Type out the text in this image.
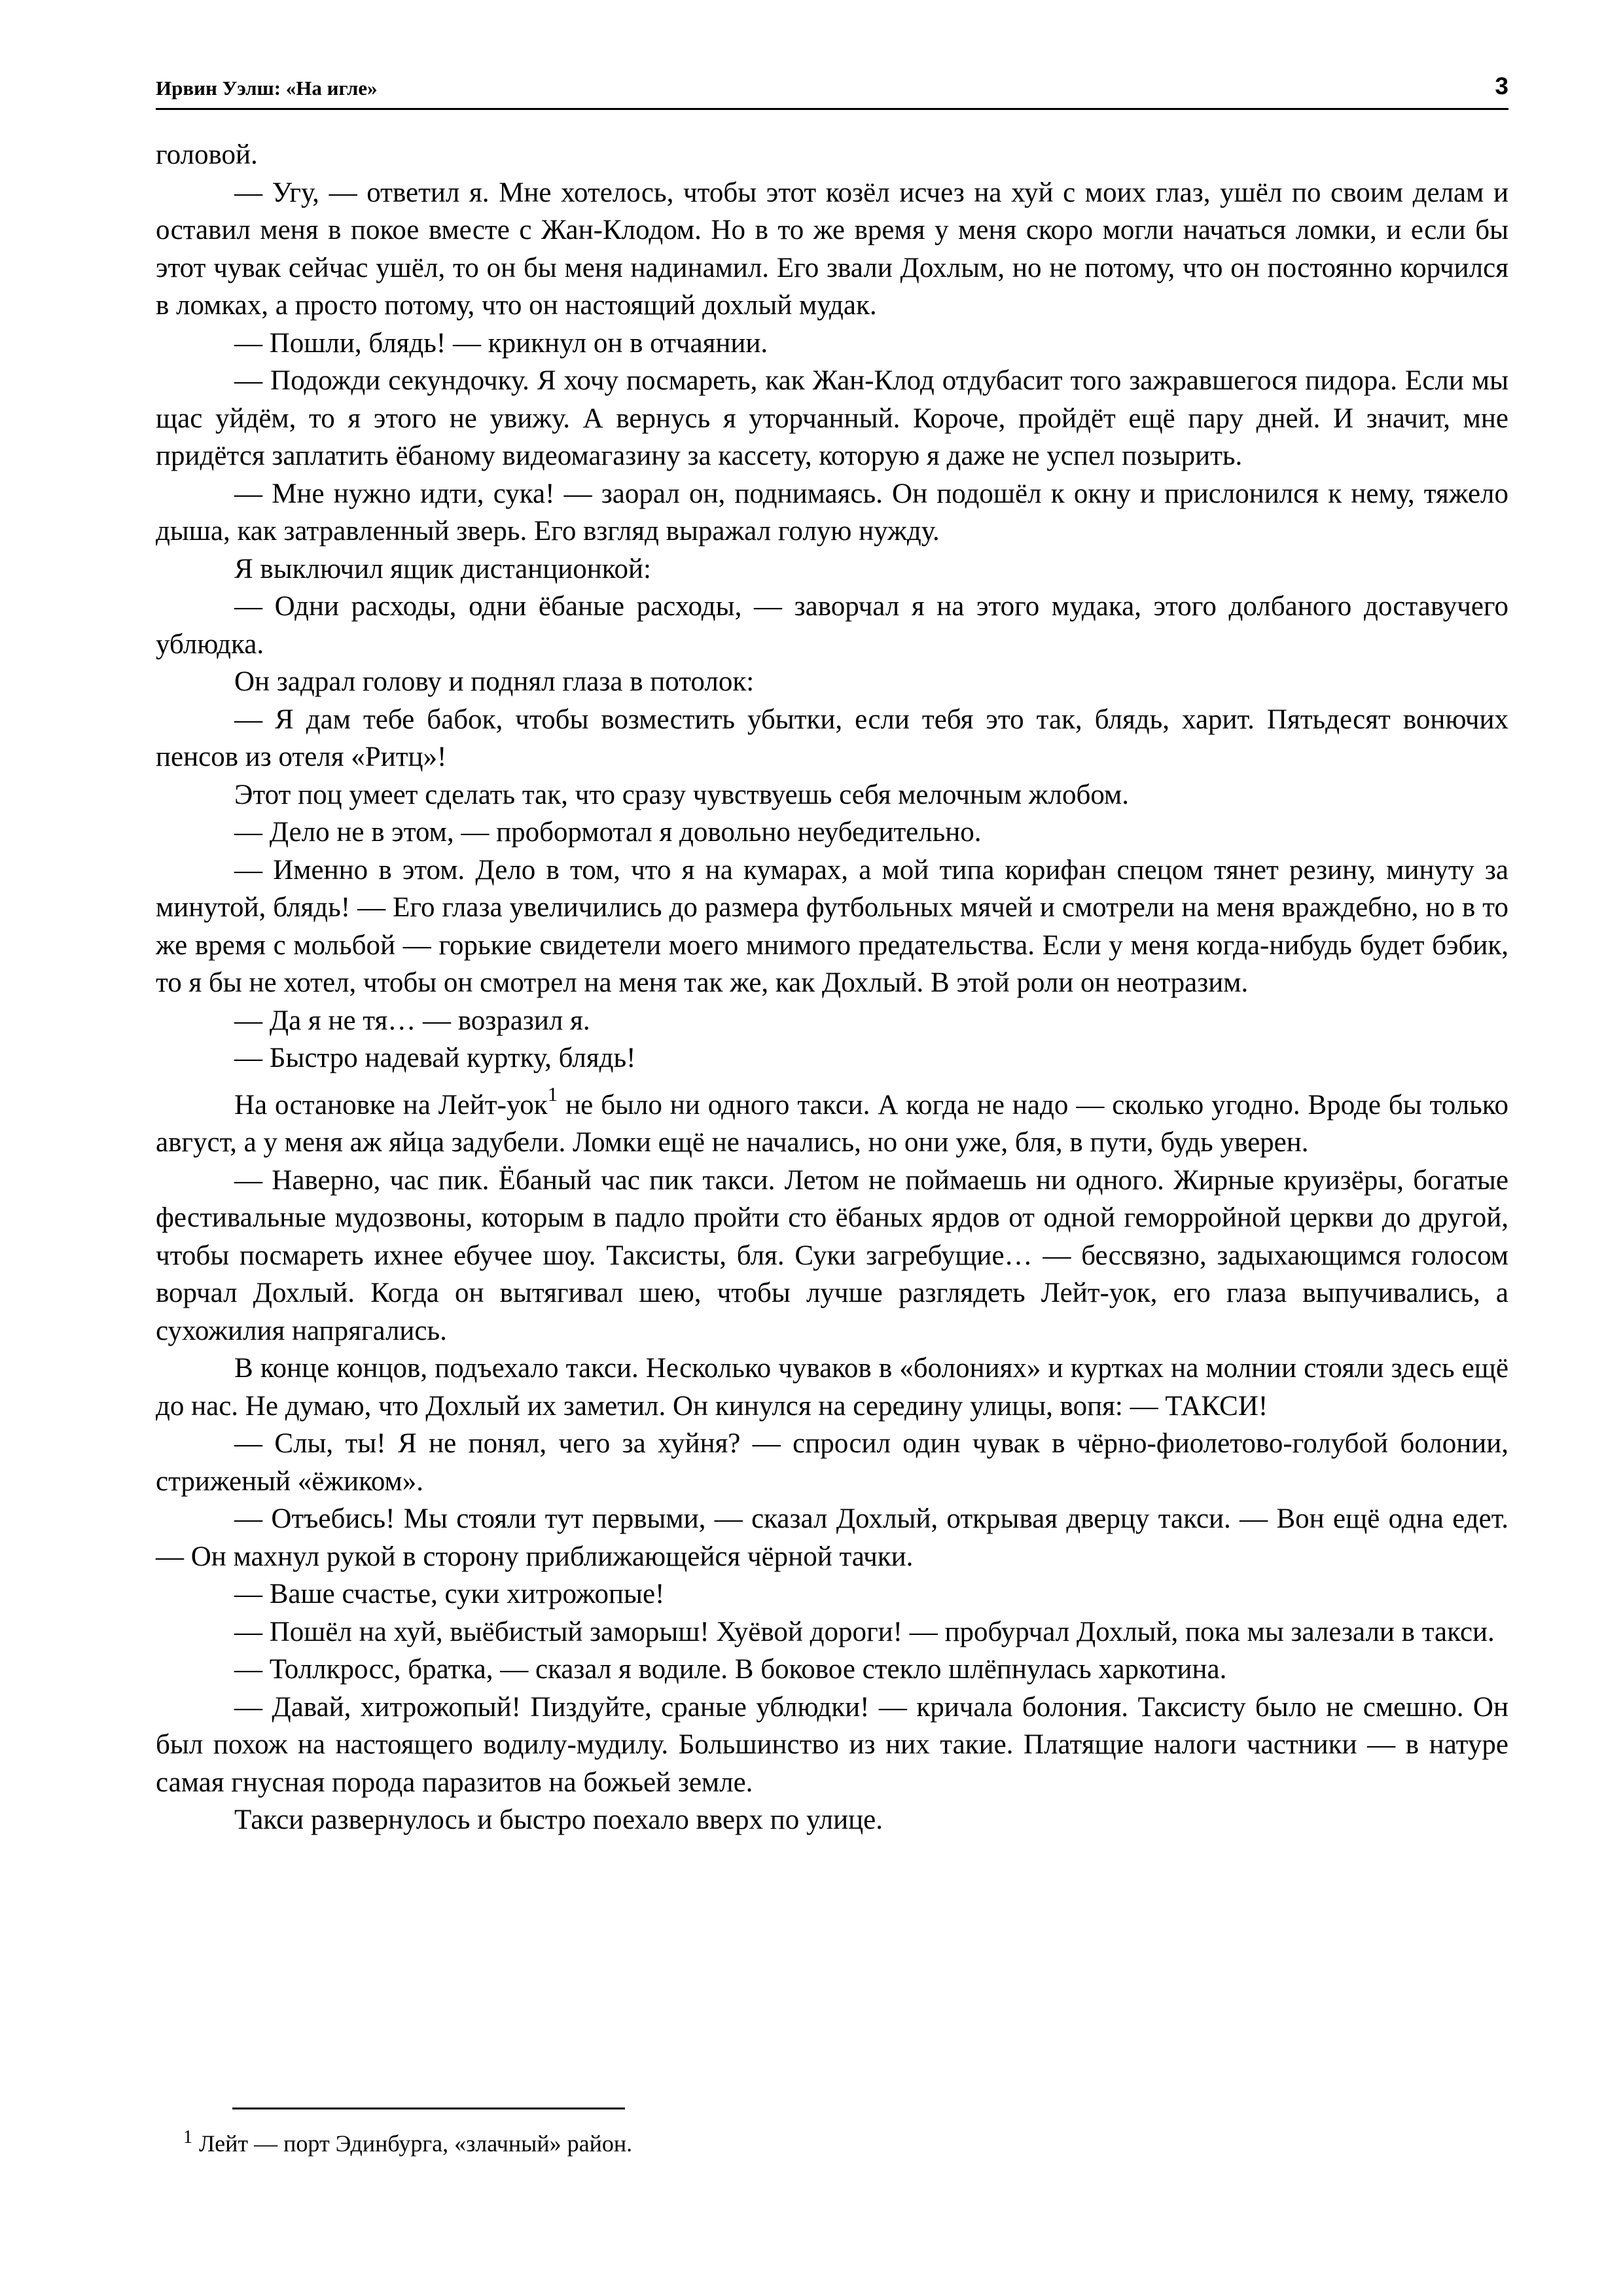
Ирвин Уэлш: «На игле»	3

головой.

— Угу, — ответил я. Мне хотелось, чтобы этот козёл исчез на хуй с моих глаз, ушёл по своим делам и оставил меня в покое вместе с Жан-Клодом. Но в то же время у меня скоро могли начаться ломки, и если бы этот чувак сейчас ушёл, то он бы меня надинамил. Его звали Дохлым, но не потому, что он постоянно корчился в ломках, а просто потому, что он настоящий дохлый мудак.

— Пошли, блядь! — крикнул он в отчаянии.

— Подожди секундочку. Я хочу посмареть, как Жан-Клод отдубасит того зажравшегося пидора. Если мы щас уйдём, то я этого не увижу. А вернусь я уторчанный. Короче, пройдёт ещё пару дней. И значит, мне придётся заплатить ёбаному видеомагазину за кассету, которую я даже не успел позырить.

— Мне нужно идти, сука! — заорал он, поднимаясь. Он подошёл к окну и прислонился к нему, тяжело дыша, как затравленный зверь. Его взгляд выражал голую нужду.

Я выключил ящик дистанционкой:

— Одни расходы, одни ёбаные расходы, — заворчал я на этого мудака, этого долбаного доставучего ублюдка.

Он задрал голову и поднял глаза в потолок:

— Я дам тебе бабок, чтобы возместить убытки, если тебя это так, блядь, харит. Пятьдесят вонючих пенсов из отеля «Ритц»!

Этот поц умеет сделать так, что сразу чувствуешь себя мелочным жлобом.

— Дело не в этом, — пробормотал я довольно неубедительно.

— Именно в этом. Дело в том, что я на кумарах, а мой типа корифан спецом тянет резину, минуту за минутой, блядь! — Его глаза увеличились до размера футбольных мячей и смотрели на меня враждебно, но в то же время с мольбой — горькие свидетели моего мнимого предательства. Если у меня когда-нибудь будет бэбик, то я бы не хотел, чтобы он смотрел на меня так же, как Дохлый. В этой роли он неотразим.

— Да я не тя… — возразил я.

— Быстро надевай куртку, блядь!

На остановке на Лейт-уок$^1$ не было ни одного такси. А когда не надо — сколько угодно. Вроде бы только август, а у меня аж яйца задубели. Ломки ещё не начались, но они уже, бля, в пути, будь уверен.

— Наверно, час пик. Ёбаный час пик такси. Летом не поймаешь ни одного. Жирные круизёры, богатые фестивальные мудозвоны, которым в падло пройти сто ёбаных ярдов от одной геморройной церкви до другой, чтобы посмареть ихнее ебучее шоу. Таксисты, бля. Суки загребущие… — бессвязно, задыхающимся голосом ворчал Дохлый. Когда он вытягивал шею, чтобы лучше разглядеть Лейт-уок, его глаза выпучивались, а сухожилия напрягались.

В конце концов, подъехало такси. Несколько чуваков в «болониях» и куртках на молнии стояли здесь ещё до нас. Не думаю, что Дохлый их заметил. Он кинулся на середину улицы, вопя: — ТАКСИ!

— Слы, ты! Я не понял, чего за хуйня? — спросил один чувак в чёрно-фиолетово-голубой болонии, стриженый «ёжиком».

— Отъебись! Мы стояли тут первыми, — сказал Дохлый, открывая дверцу такси. — Вон ещё одна едет. — Он махнул рукой в сторону приближающейся чёрной тачки.

— Ваше счастье, суки хитрожопые!

— Пошёл на хуй, выёбистый заморыш! Хуёвой дороги! — пробурчал Дохлый, пока мы залезали в такси.

— Толлкросс, братка, — сказал я водиле. В боковое стекло шлёпнулась харкотина.

— Давай, хитрожопый! Пиздуйте, сраные ублюдки! — кричала болония. Таксисту было не смешно. Он был похож на настоящего водилу-мудилу. Большинство из них такие. Платящие налоги частники — в натуре самая гнусная порода паразитов на божьей земле.

Такси развернулось и быстро поехало вверх по улице.

$^1$ Лейт — порт Эдинбурга, «злачный» район.
